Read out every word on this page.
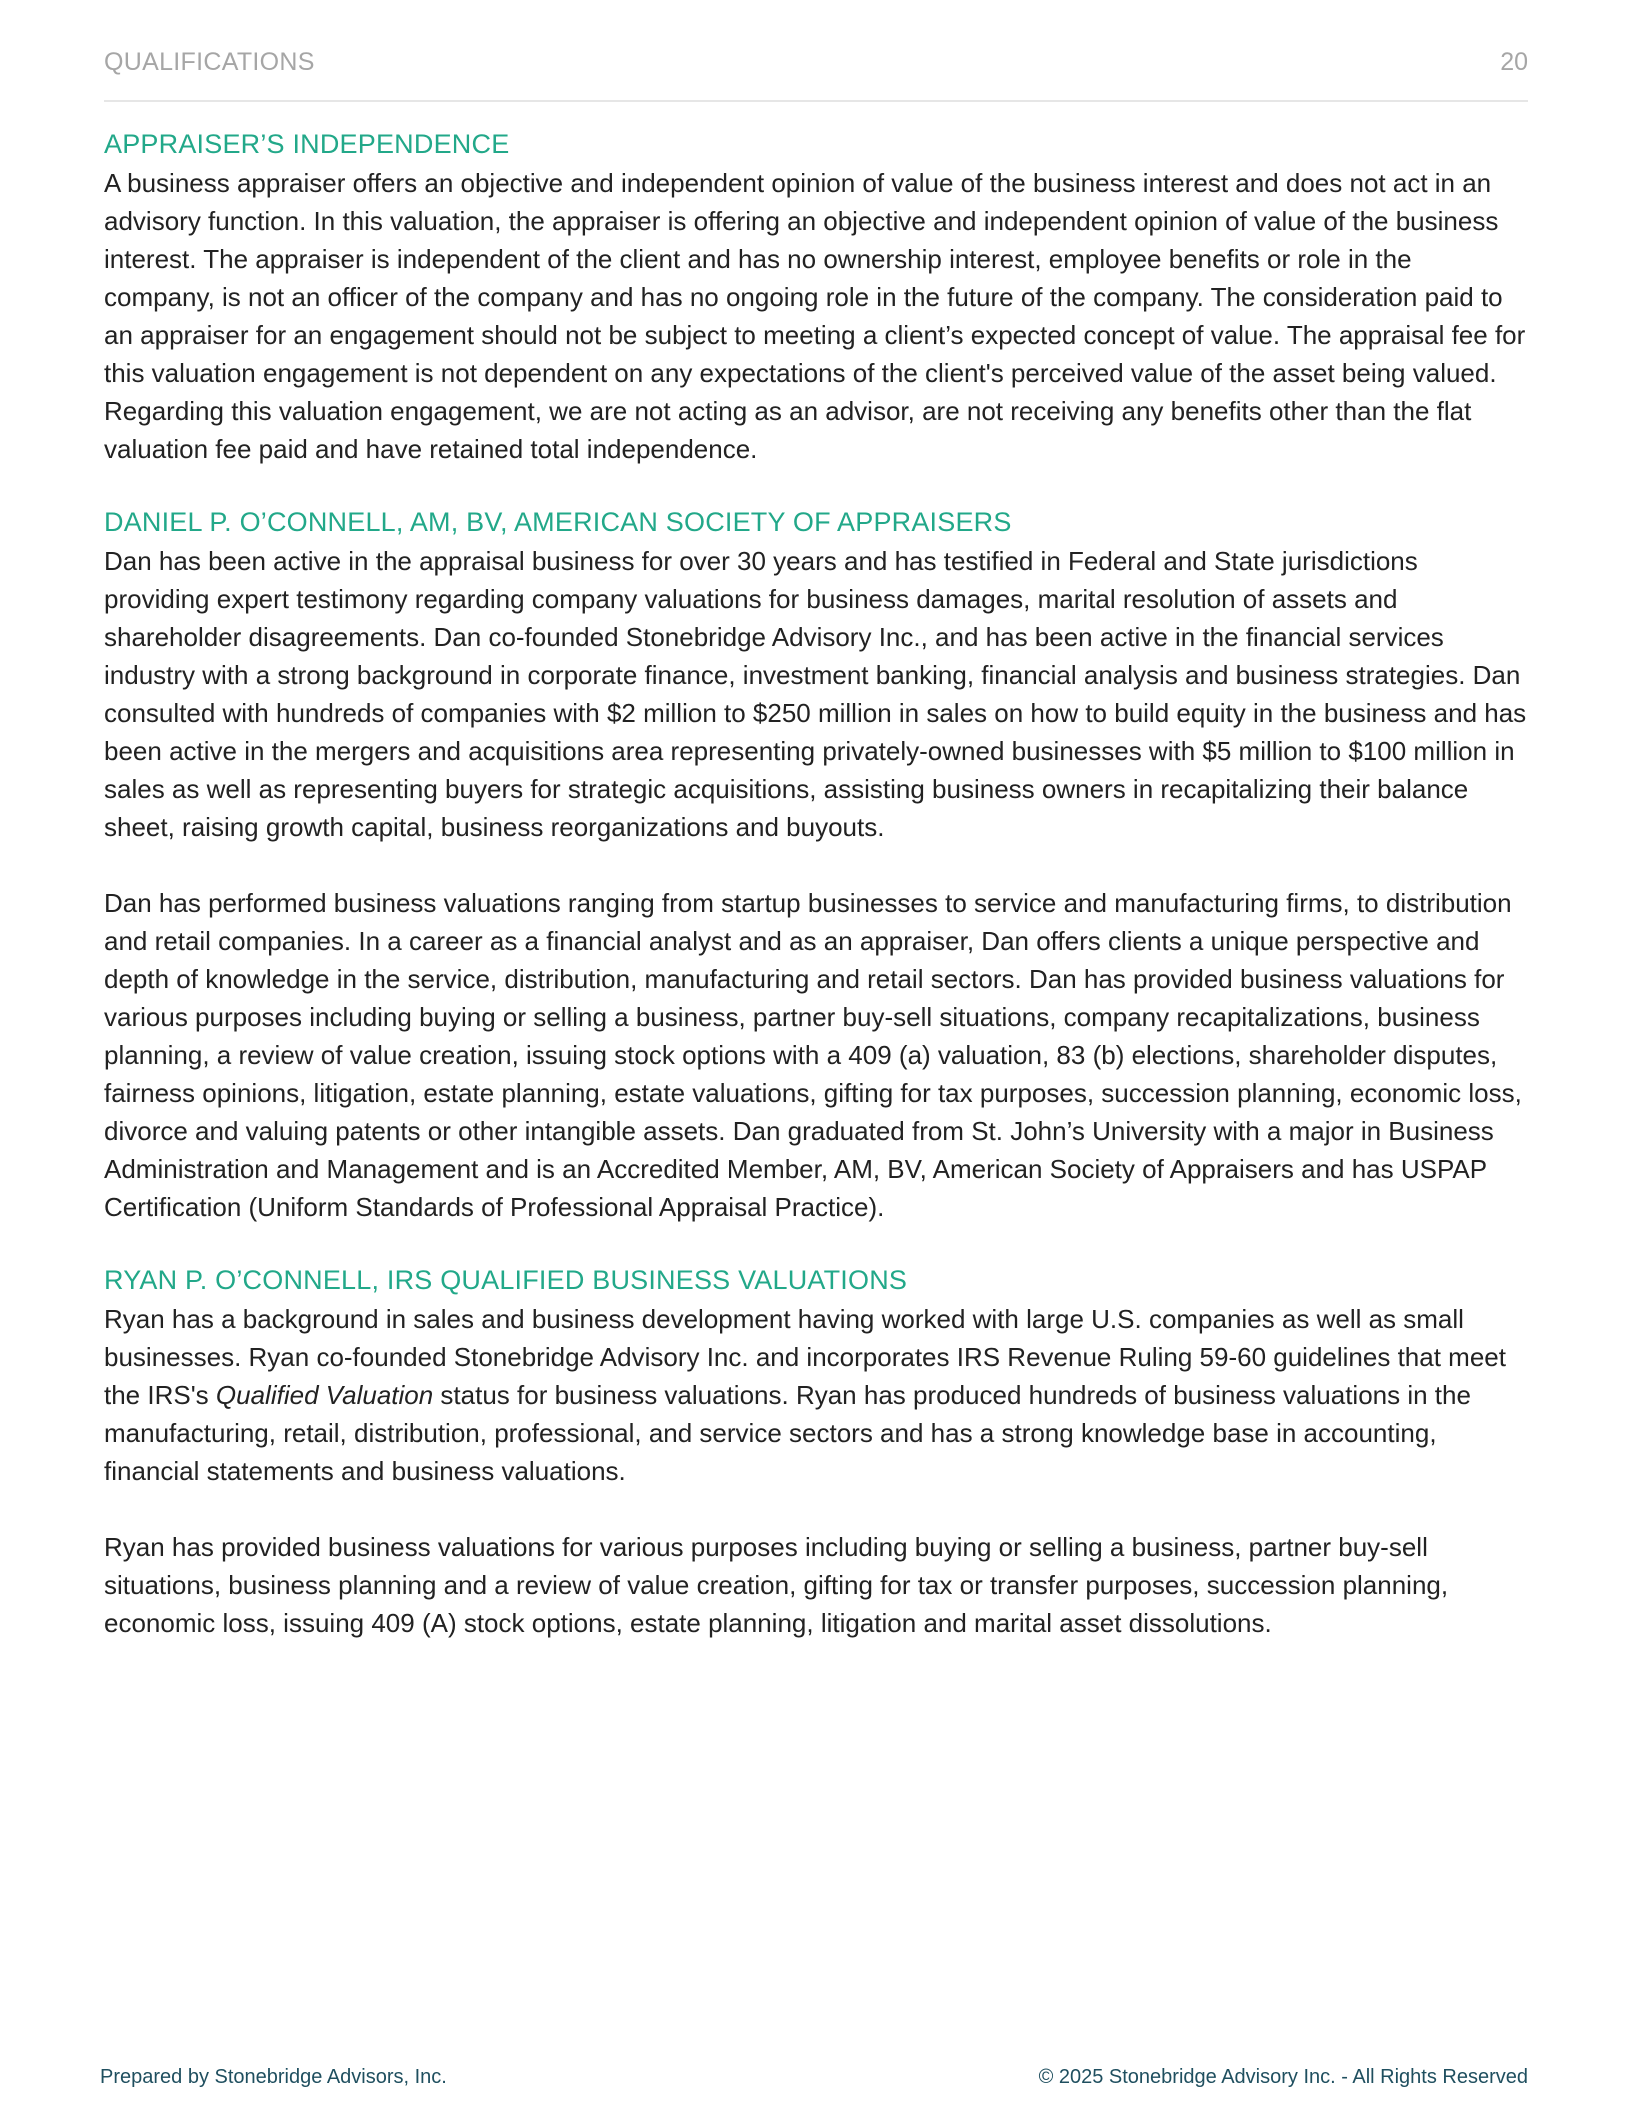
QUALIFICATIONS	20
APPRAISER’S INDEPENDENCE

A business appraiser offers an objective and independent opinion of value of the business interest and does not act in an advisory function. In this valuation, the appraiser is offering an objective and independent opinion of value of the business interest. The appraiser is independent of the client and has no ownership interest, employee benefits or role in the company, is not an officer of the company and has no ongoing role in the future of the company. The consideration paid to an appraiser for an engagement should not be subject to meeting a client’s expected concept of value. The appraisal fee for this valuation engagement is not dependent on any expectations of the client's perceived value of the asset being valued. Regarding this valuation engagement, we are not acting as an advisor, are not receiving any benefits other than the flat valuation fee paid and have retained total independence.

DANIEL P. O’CONNELL, AM, BV, AMERICAN SOCIETY OF APPRAISERS

Dan has been active in the appraisal business for over 30 years and has testified in Federal and State jurisdictions providing expert testimony regarding company valuations for business damages, marital resolution of assets and shareholder disagreements. Dan co-founded Stonebridge Advisory Inc., and has been active in the financial services industry with a strong background in corporate finance, investment banking, financial analysis and business strategies. Dan consulted with hundreds of companies with $2 million to $250 million in sales on how to build equity in the business and has been active in the mergers and acquisitions area representing privately-owned businesses with $5 million to $100 million in sales as well as representing buyers for strategic acquisitions, assisting business owners in recapitalizing their balance sheet, raising growth capital, business reorganizations and buyouts.

Dan has performed business valuations ranging from startup businesses to service and manufacturing firms, to distribution and retail companies. In a career as a financial analyst and as an appraiser, Dan offers clients a unique perspective and depth of knowledge in the service, distribution, manufacturing and retail sectors. Dan has provided business valuations for various purposes including buying or selling a business, partner buy-sell situations, company recapitalizations, business planning, a review of value creation, issuing stock options with a 409 (a) valuation, 83 (b) elections, shareholder disputes, fairness opinions, litigation, estate planning, estate valuations, gifting for tax purposes, succession planning, economic loss, divorce and valuing patents or other intangible assets. Dan graduated from St. John’s University with a major in Business Administration and Management and is an Accredited Member, AM, BV, American Society of Appraisers and has USPAP Certification (Uniform Standards of Professional Appraisal Practice).

RYAN P. O’CONNELL, IRS QUALIFIED BUSINESS VALUATIONS

Ryan has a background in sales and business development having worked with large U.S. companies as well as small businesses. Ryan co-founded Stonebridge Advisory Inc. and incorporates IRS Revenue Ruling 59-60 guidelines that meet the IRS's Qualified Valuation status for business valuations. Ryan has produced hundreds of business valuations in the manufacturing, retail, distribution, professional, and service sectors and has a strong knowledge base in accounting, financial statements and business valuations.

Ryan has provided business valuations for various purposes including buying or selling a business, partner buy-sell situations, business planning and a review of value creation, gifting for tax or transfer purposes, succession planning, economic loss, issuing 409 (A) stock options, estate planning, litigation and marital asset dissolutions.

Prepared by Stonebridge Advisors, Inc.	© 2025 Stonebridge Advisory Inc. - All Rights Reserved
